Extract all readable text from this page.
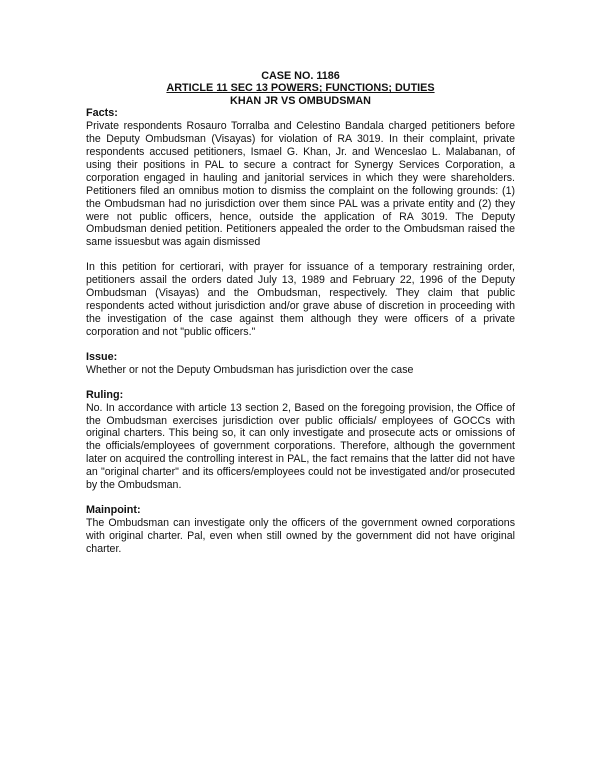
CASE NO. 1186

ARTICLE 11 SEC 13 POWERS; FUNCTIONS; DUTIES

KHAN JR VS OMBUDSMAN

Facts:

Private respondents Rosauro Torralba and Celestino Bandala charged petitioners before the Deputy Ombudsman (Visayas) for violation of RA 3019. In their complaint, private respondents accused petitioners, Ismael G. Khan, Jr. and Wenceslao L. Malabanan, of using their positions in PAL to secure a contract for Synergy Services Corporation, a corporation engaged in hauling and janitorial services in which they were shareholders. Petitioners filed an omnibus motion to dismiss the complaint on the following grounds: (1) the Ombudsman had no jurisdiction over them since PAL was a private entity and (2) they were not public officers, hence, outside the application of RA 3019. The Deputy Ombudsman denied petition. Petitioners appealed the order to the Ombudsman raised the same issuesbut was again dismissed

In this petition for certiorari, with prayer for issuance of a temporary restraining order, petitioners assail the orders dated July 13, 1989 and February 22, 1996 of the Deputy Ombudsman (Visayas) and the Ombudsman, respectively. They claim that public respondents acted without jurisdiction and/or grave abuse of discretion in proceeding with the investigation of the case against them although they were officers of a private corporation and not "public officers."

Issue:

Whether or not the Deputy Ombudsman has jurisdiction over the case

Ruling:

No. In accordance with article 13 section 2, Based on the foregoing provision, the Office of the Ombudsman exercises jurisdiction over public officials/ employees of GOCCs with original charters. This being so, it can only investigate and prosecute acts or omissions of the officials/employees of government corporations. Therefore, although the government later on acquired the controlling interest in PAL, the fact remains that the latter did not have an "original charter" and its officers/employees could not be investigated and/or prosecuted by the Ombudsman.

Mainpoint:

The Ombudsman can investigate only the officers of the government owned corporations with original charter. Pal, even when still owned by the government did not have original charter.
